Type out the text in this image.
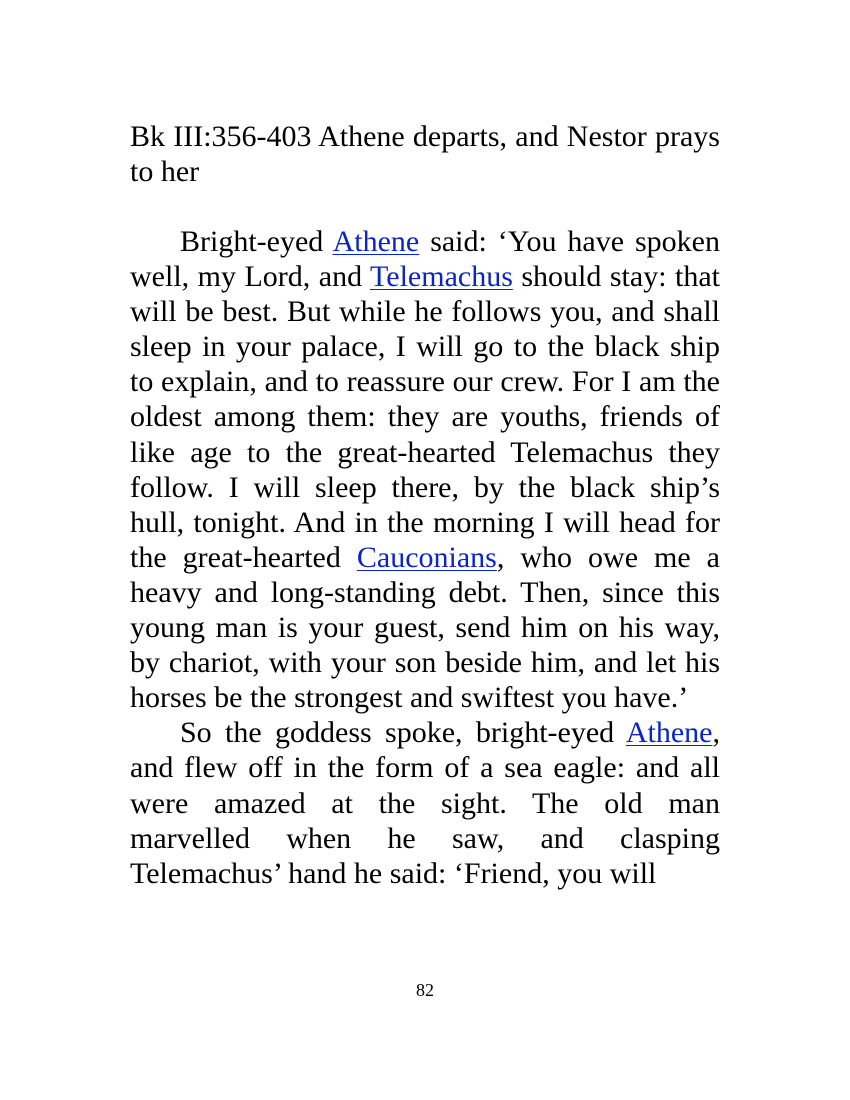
Bk III:356-403 Athene departs, and Nestor prays to her

Bright-eyed Athene said: ‘You have spoken well, my Lord, and Telemachus should stay: that will be best. But while he follows you, and shall sleep in your palace, I will go to the black ship to explain, and to reassure our crew. For I am the oldest among them: they are youths, friends of like age to the great-hearted Telemachus they follow. I will sleep there, by the black ship’s hull, tonight. And in the morning I will head for the great-hearted Cauconians, who owe me a heavy and long-standing debt. Then, since this young man is your guest, send him on his way, by chariot, with your son beside him, and let his horses be the strongest and swiftest you have.’

So the goddess spoke, bright-eyed Athene, and flew off in the form of a sea eagle: and all were amazed at the sight. The old man marvelled when he saw, and clasping Telemachus’ hand he said: ‘Friend, you will

82
